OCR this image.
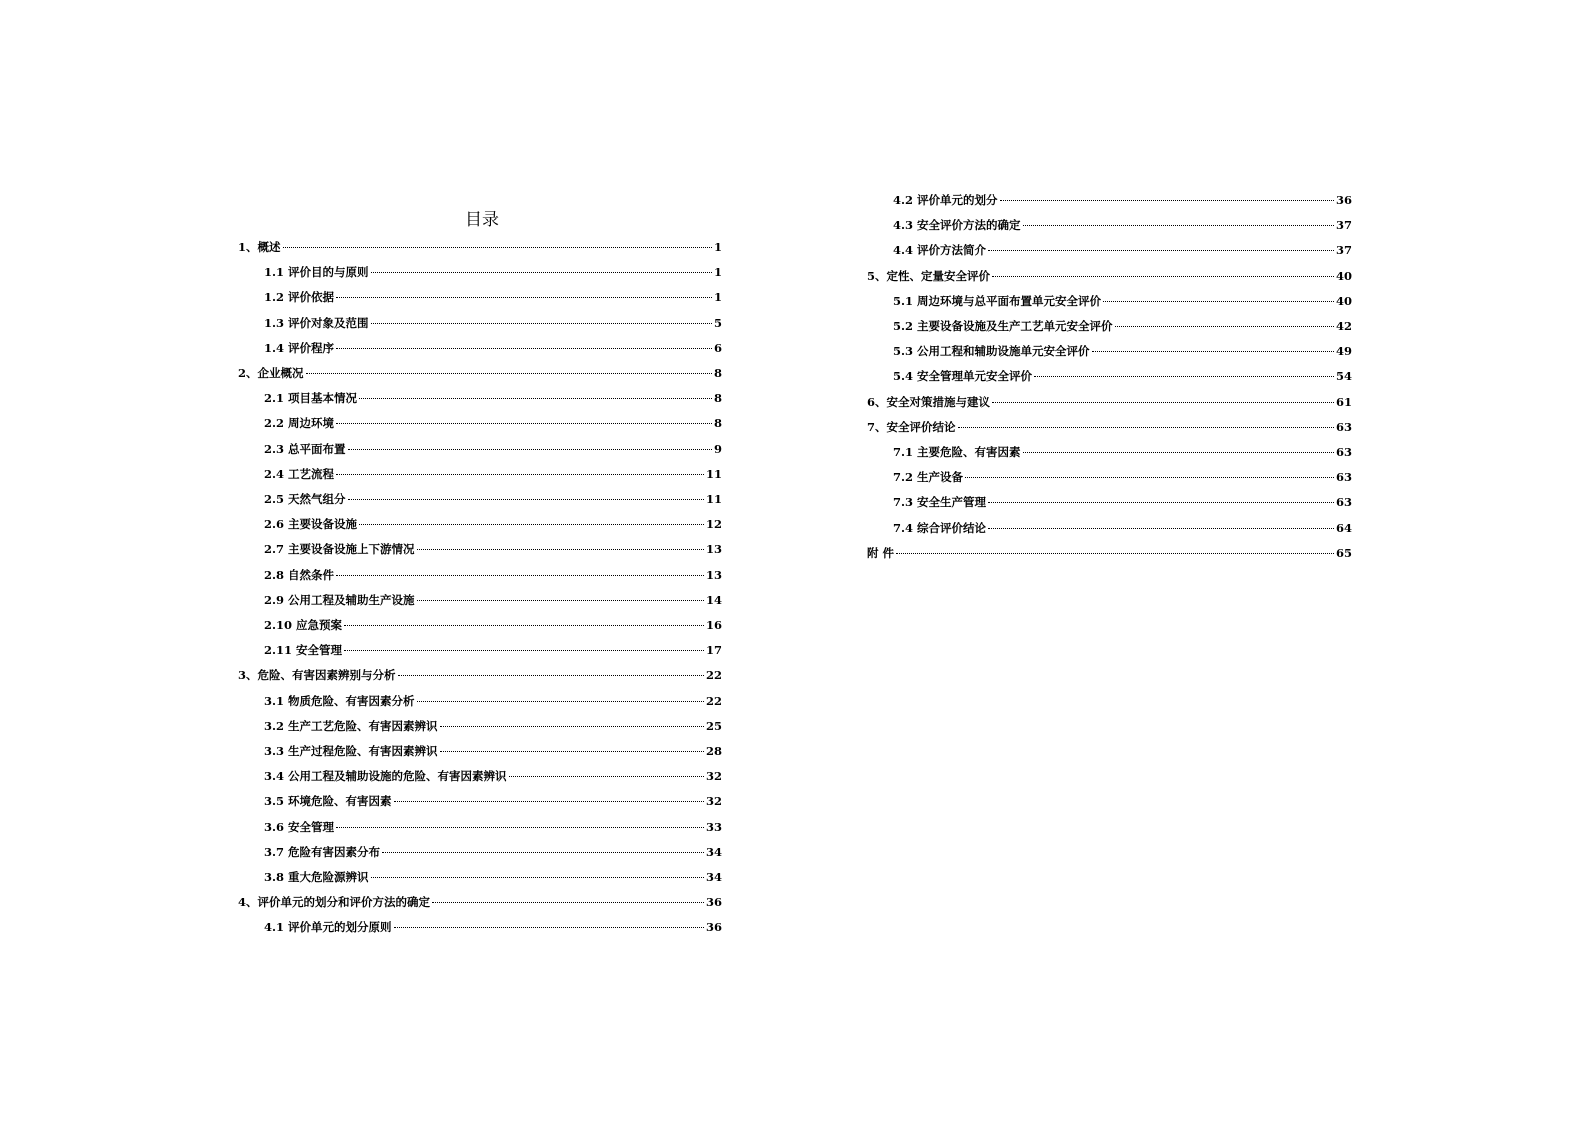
目录
1、概述	1
1.1 评价目的与原则	1
1.2 评价依据	1
1.3 评价对象及范围	5
1.4 评价程序	6
2、企业概况	8
2.1 项目基本情况	8
2.2 周边环境	8
2.3 总平面布置	9
2.4 工艺流程	11
2.5 天然气组分	11
2.6 主要设备设施	12
2.7 主要设备设施上下游情况	13
2.8 自然条件	13
2.9 公用工程及辅助生产设施	14
2.10 应急预案	16
2.11 安全管理	17
3、危险、有害因素辨别与分析	22
3.1 物质危险、有害因素分析	22
3.2 生产工艺危险、有害因素辨识	25
3.3 生产过程危险、有害因素辨识	28
3.4 公用工程及辅助设施的危险、有害因素辨识	32
3.5 环境危险、有害因素	32
3.6 安全管理	33
3.7 危险有害因素分布	34
3.8 重大危险源辨识	34
4、评价单元的划分和评价方法的确定	36
4.1 评价单元的划分原则	36
4.2 评价单元的划分	36
4.3 安全评价方法的确定	37
4.4 评价方法简介	37
5、定性、定量安全评价	40
5.1 周边环境与总平面布置单元安全评价	40
5.2 主要设备设施及生产工艺单元安全评价	42
5.3 公用工程和辅助设施单元安全评价	49
5.4 安全管理单元安全评价	54
6、安全对策措施与建议	61
7、安全评价结论	63
7.1 主要危险、有害因素	63
7.2 生产设备	63
7.3 安全生产管理	63
7.4 综合评价结论	64
附 件	65
